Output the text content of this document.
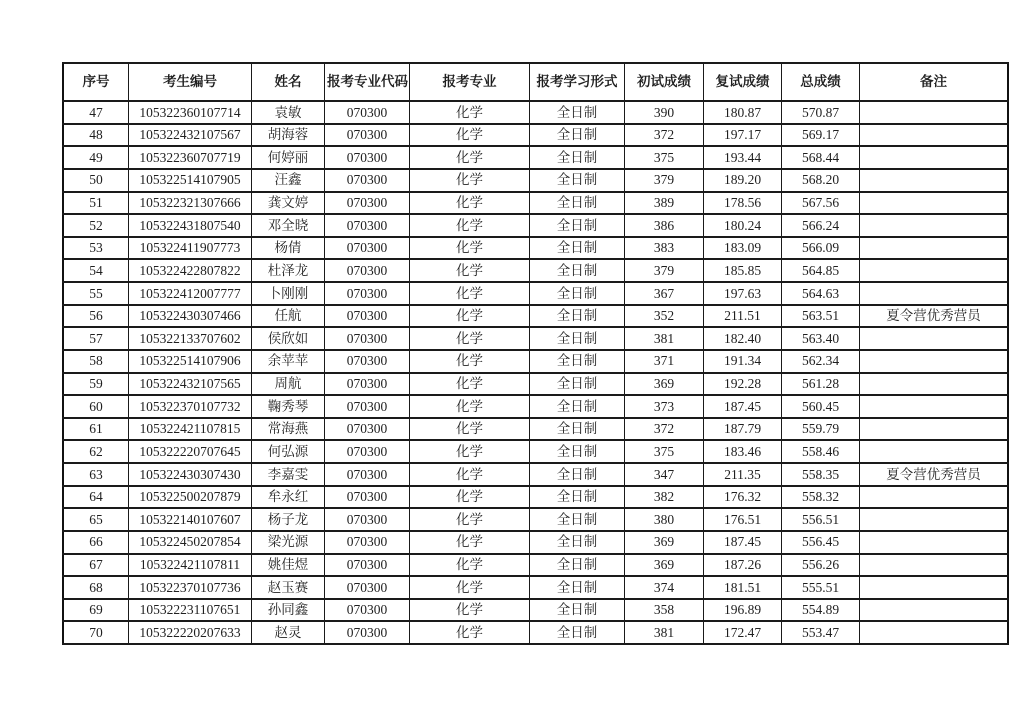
序号	考生编号	姓名	报考专业代码	报考专业	报考学习形式	初试成绩	复试成绩	总成绩	备注
47	105322360107714	袁敏	070300	化学	全日制	390	180.87	570.87	
48	105322432107567	胡海蓉	070300	化学	全日制	372	197.17	569.17	
49	105322360707719	何婷丽	070300	化学	全日制	375	193.44	568.44	
50	105322514107905	汪鑫	070300	化学	全日制	379	189.20	568.20	
51	105322321307666	龚文婷	070300	化学	全日制	389	178.56	567.56	
52	105322431807540	邓全晓	070300	化学	全日制	386	180.24	566.24	
53	105322411907773	杨倩	070300	化学	全日制	383	183.09	566.09	
54	105322422807822	杜泽龙	070300	化学	全日制	379	185.85	564.85	
55	105322412007777	卜刚刚	070300	化学	全日制	367	197.63	564.63	
56	105322430307466	任航	070300	化学	全日制	352	211.51	563.51	夏令营优秀营员
57	105322133707602	侯欣如	070300	化学	全日制	381	182.40	563.40	
58	105322514107906	余苹苹	070300	化学	全日制	371	191.34	562.34	
59	105322432107565	周航	070300	化学	全日制	369	192.28	561.28	
60	105322370107732	鞠秀琴	070300	化学	全日制	373	187.45	560.45	
61	105322421107815	常海燕	070300	化学	全日制	372	187.79	559.79	
62	105322220707645	何弘源	070300	化学	全日制	375	183.46	558.46	
63	105322430307430	李嘉雯	070300	化学	全日制	347	211.35	558.35	夏令营优秀营员
64	105322500207879	牟永红	070300	化学	全日制	382	176.32	558.32	
65	105322140107607	杨子龙	070300	化学	全日制	380	176.51	556.51	
66	105322450207854	梁光源	070300	化学	全日制	369	187.45	556.45	
67	105322421107811	姚佳煜	070300	化学	全日制	369	187.26	556.26	
68	105322370107736	赵玉赛	070300	化学	全日制	374	181.51	555.51	
69	105322231107651	孙同鑫	070300	化学	全日制	358	196.89	554.89	
70	105322220207633	赵灵	070300	化学	全日制	381	172.47	553.47	
